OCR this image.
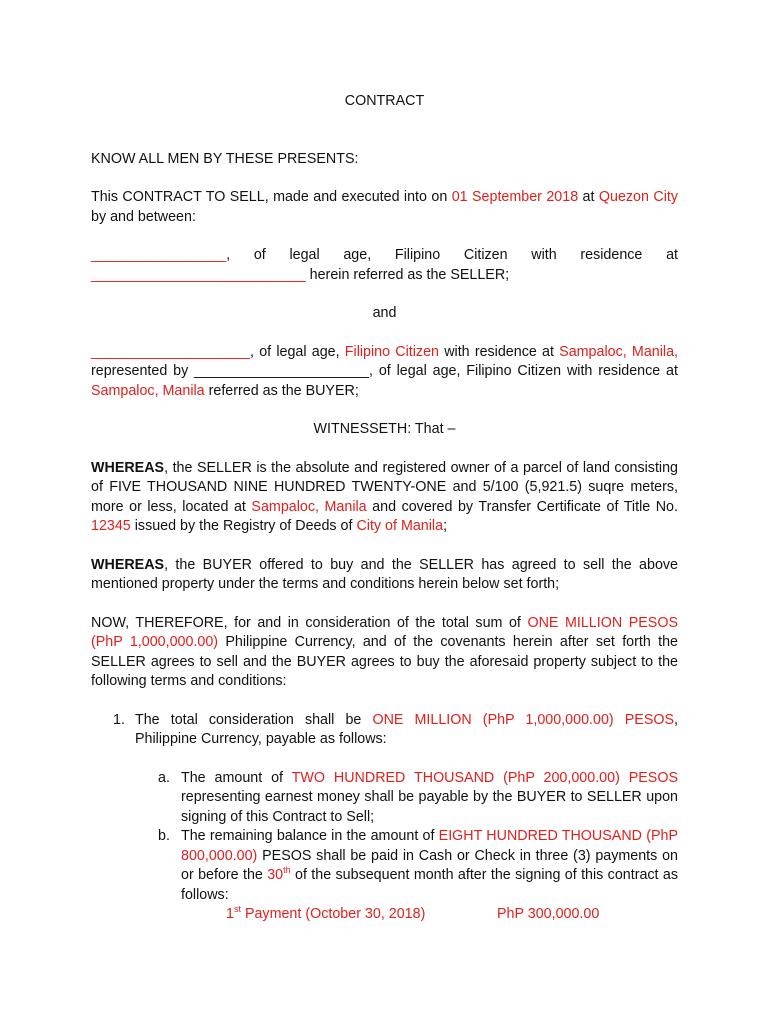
CONTRACT

KNOW ALL MEN BY THESE PRESENTS:

This CONTRACT TO SELL, made and executed into on 01 September 2018 at Quezon City by and between:

_________________, of legal age, Filipino Citizen with residence at ___________________________ herein referred as the SELLER;

and

____________________, of legal age, Filipino Citizen with residence at Sampaloc, Manila, represented by ______________________, of legal age, Filipino Citizen with residence at Sampaloc, Manila referred as the BUYER;

WITNESSETH: That –

WHEREAS, the SELLER is the absolute and registered owner of a parcel of land consisting of FIVE THOUSAND NINE HUNDRED TWENTY-ONE and 5/100 (5,921.5) suqre meters, more or less, located at Sampaloc, Manila and covered by Transfer Certificate of Title No. 12345 issued by the Registry of Deeds of City of Manila;

WHEREAS, the BUYER offered to buy and the SELLER has agreed to sell the above mentioned property under the terms and conditions herein below set forth;

NOW, THEREFORE, for and in consideration of the total sum of ONE MILLION PESOS (PhP 1,000,000.00) Philippine Currency, and of the covenants herein after set forth the SELLER agrees to sell and the BUYER agrees to buy the aforesaid property subject to the following terms and conditions:

1. The total consideration shall be ONE MILLION (PhP 1,000,000.00) PESOS, Philippine Currency, payable as follows:
a. The amount of TWO HUNDRED THOUSAND (PhP 200,000.00) PESOS representing earnest money shall be payable by the BUYER to SELLER upon signing of this Contract to Sell;
b. The remaining balance in the amount of EIGHT HUNDRED THOUSAND (PhP 800,000.00) PESOS shall be paid in Cash or Check in three (3) payments on or before the 30th of the subsequent month after the signing of this contract as follows:
1st Payment (October 30, 2018)	PhP 300,000.00
